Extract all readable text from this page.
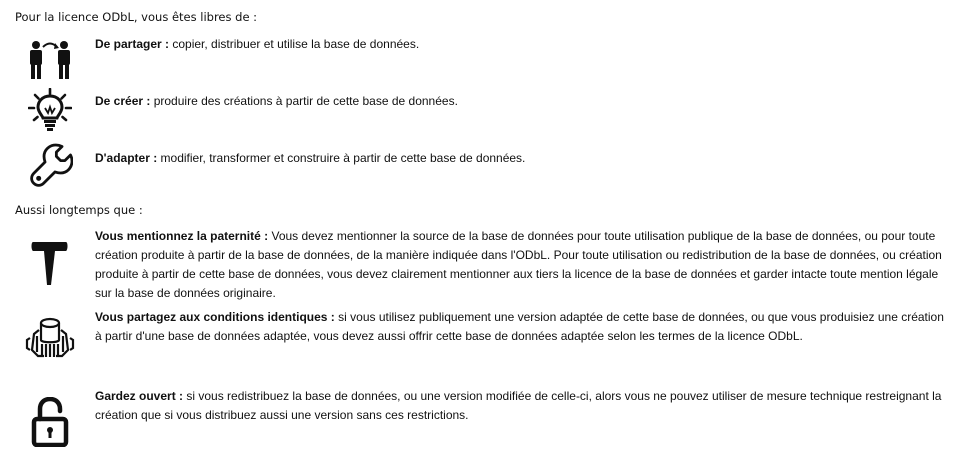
Pour la licence ODbL, vous êtes libres de :
De partager : copier, distribuer et utilise la base de données.
De créer : produire des créations à partir de cette base de données.
D'adapter : modifier, transformer et construire à partir de cette base de données.
Aussi longtemps que :
Vous mentionnez la paternité : Vous devez mentionner la source de la base de données pour toute utilisation publique de la base de données, ou pour toute création produite à partir de la base de données, de la manière indiquée dans l'ODbL. Pour toute utilisation ou redistribution de la base de données, ou création produite à partir de cette base de données, vous devez clairement mentionner aux tiers la licence de la base de données et garder intacte toute mention légale sur la base de données originaire.
Vous partagez aux conditions identiques : si vous utilisez publiquement une version adaptée de cette base de données, ou que vous produisiez une création à partir d'une base de données adaptée, vous devez aussi offrir cette base de données adaptée selon les termes de la licence ODbL.
Gardez ouvert : si vous redistribuez la base de données, ou une version modifiée de celle-ci, alors vous ne pouvez utiliser de mesure technique restreignant la création que si vous distribuez aussi une version sans ces restrictions.
